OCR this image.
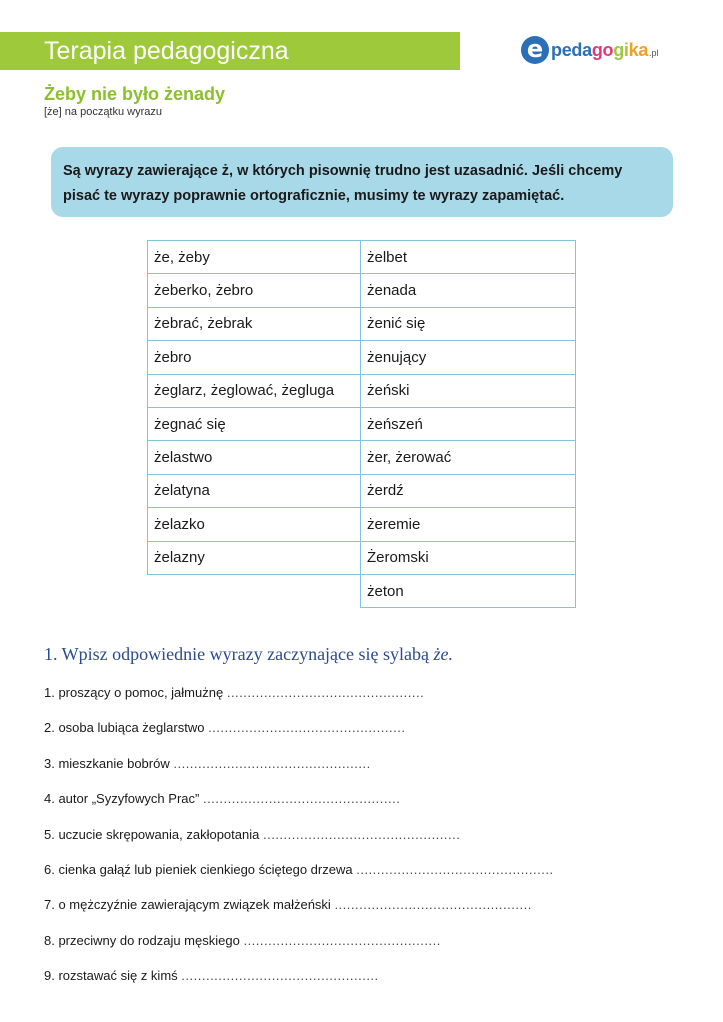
Terapia pedagogiczna	e pedagogika .pl
Żeby nie było żenady
[że] na początku wyrazu
Są wyrazy zawierające ż, w których pisownię trudno jest uzasadnić. Jeśli chcemy
pisać te wyrazy poprawnie ortograficznie, musimy te wyrazy zapamiętać.
że, żeby	żelbet
żeberko, żebro	żenada
żebrać, żebrak	żenić się
żebro	żenujący
żeglarz, żeglować, żegluga	żeński
żegnać się	żeńszeń
żelastwo	żer, żerować
żelatyna	żerdź
żelazko	żeremie
żelazny	Żeromski
	żeton
1. Wpisz odpowiednie wyrazy zaczynające się sylabą że.
1. proszący o pomoc, jałmużnę ................................................
2. osoba lubiąca żeglarstwo ................................................
3. mieszkanie bobrów ................................................
4. autor „Syzyfowych Prac” ................................................
5. uczucie skrępowania, zakłopotania ................................................
6. cienka gałąź lub pieniek cienkiego ściętego drzewa ................................................
7. o mężczyźnie zawierającym związek małżeński ................................................
8. przeciwny do rodzaju męskiego ................................................
9. rozstawać się z kimś ................................................
